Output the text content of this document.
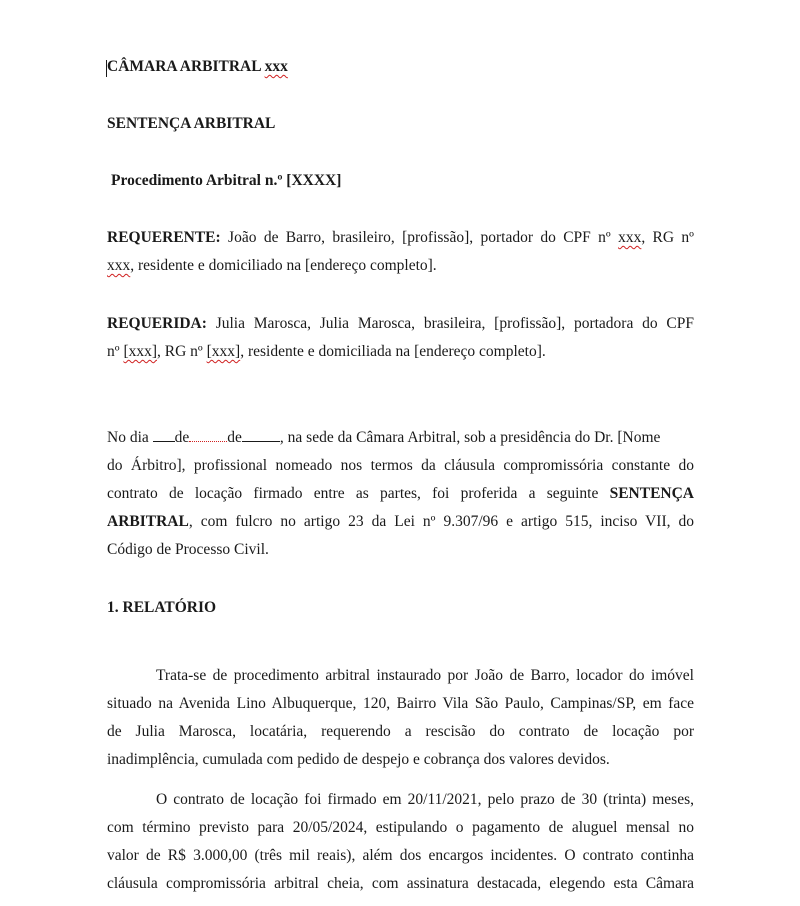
CÂMARA ARBITRAL xxx
SENTENÇA ARBITRAL
Procedimento Arbitral n.º [XXXX]
REQUERENTE: João de Barro, brasileiro, [profissão], portador do CPF nº xxx, RG nº
xxx, residente e domiciliado na [endereço completo].
REQUERIDA: Julia Marosca, Julia Marosca, brasileira, [profissão], portadora do CPF
nº [xxx], RG nº [xxx], residente e domiciliada na [endereço completo].
No dia de de , na sede da Câmara Arbitral, sob a presidência do Dr. [Nome
do Árbitro], profissional nomeado nos termos da cláusula compromissória constante do
contrato de locação firmado entre as partes, foi proferida a seguinte SENTENÇA
ARBITRAL, com fulcro no artigo 23 da Lei nº 9.307/96 e artigo 515, inciso VII, do
Código de Processo Civil.
1. RELATÓRIO
Trata-se de procedimento arbitral instaurado por João de Barro, locador do imóvel
situado na Avenida Lino Albuquerque, 120, Bairro Vila São Paulo, Campinas/SP, em face
de Julia Marosca, locatária, requerendo a rescisão do contrato de locação por
inadimplência, cumulada com pedido de despejo e cobrança dos valores devidos.
O contrato de locação foi firmado em 20/11/2021, pelo prazo de 30 (trinta) meses,
com término previsto para 20/05/2024, estipulando o pagamento de aluguel mensal no
valor de R$ 3.000,00 (três mil reais), além dos encargos incidentes. O contrato continha
cláusula compromissória arbitral cheia, com assinatura destacada, elegendo esta Câmara
